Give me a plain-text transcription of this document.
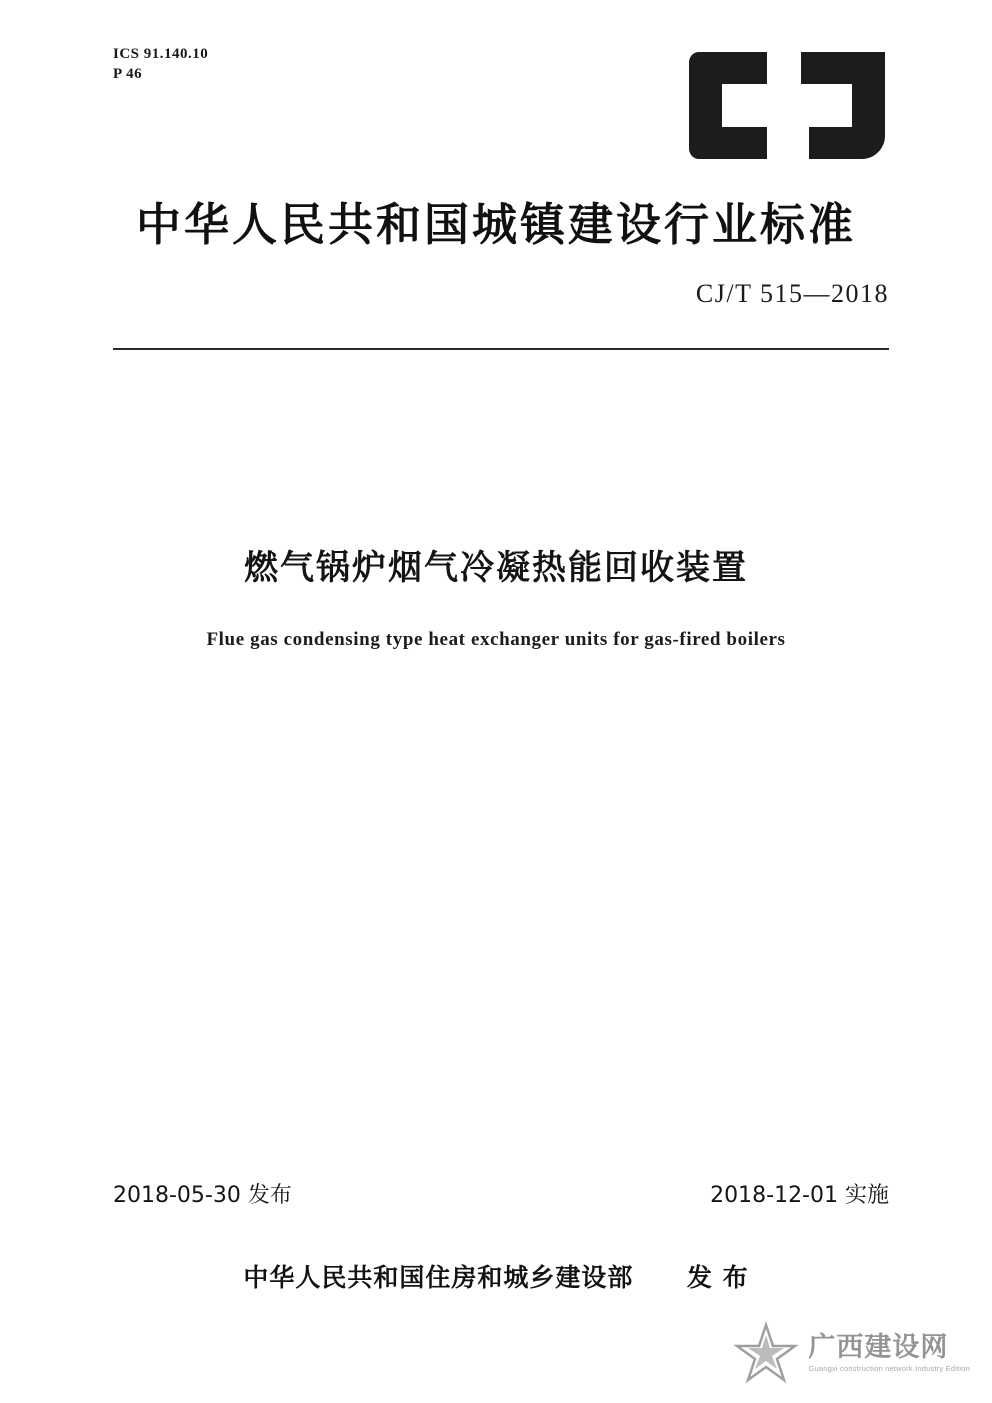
ICS 91.140.10
P 46
中华人民共和国城镇建设行业标准
CJ/T 515—2018
燃气锅炉烟气冷凝热能回收装置
Flue gas condensing type heat exchanger units for gas-fired boilers
2018-05-30 发布	2018-12-01 实施
中华人民共和国住房和城乡建设部 发 布
广西建设网
Guangxi construction network Industry Edition
